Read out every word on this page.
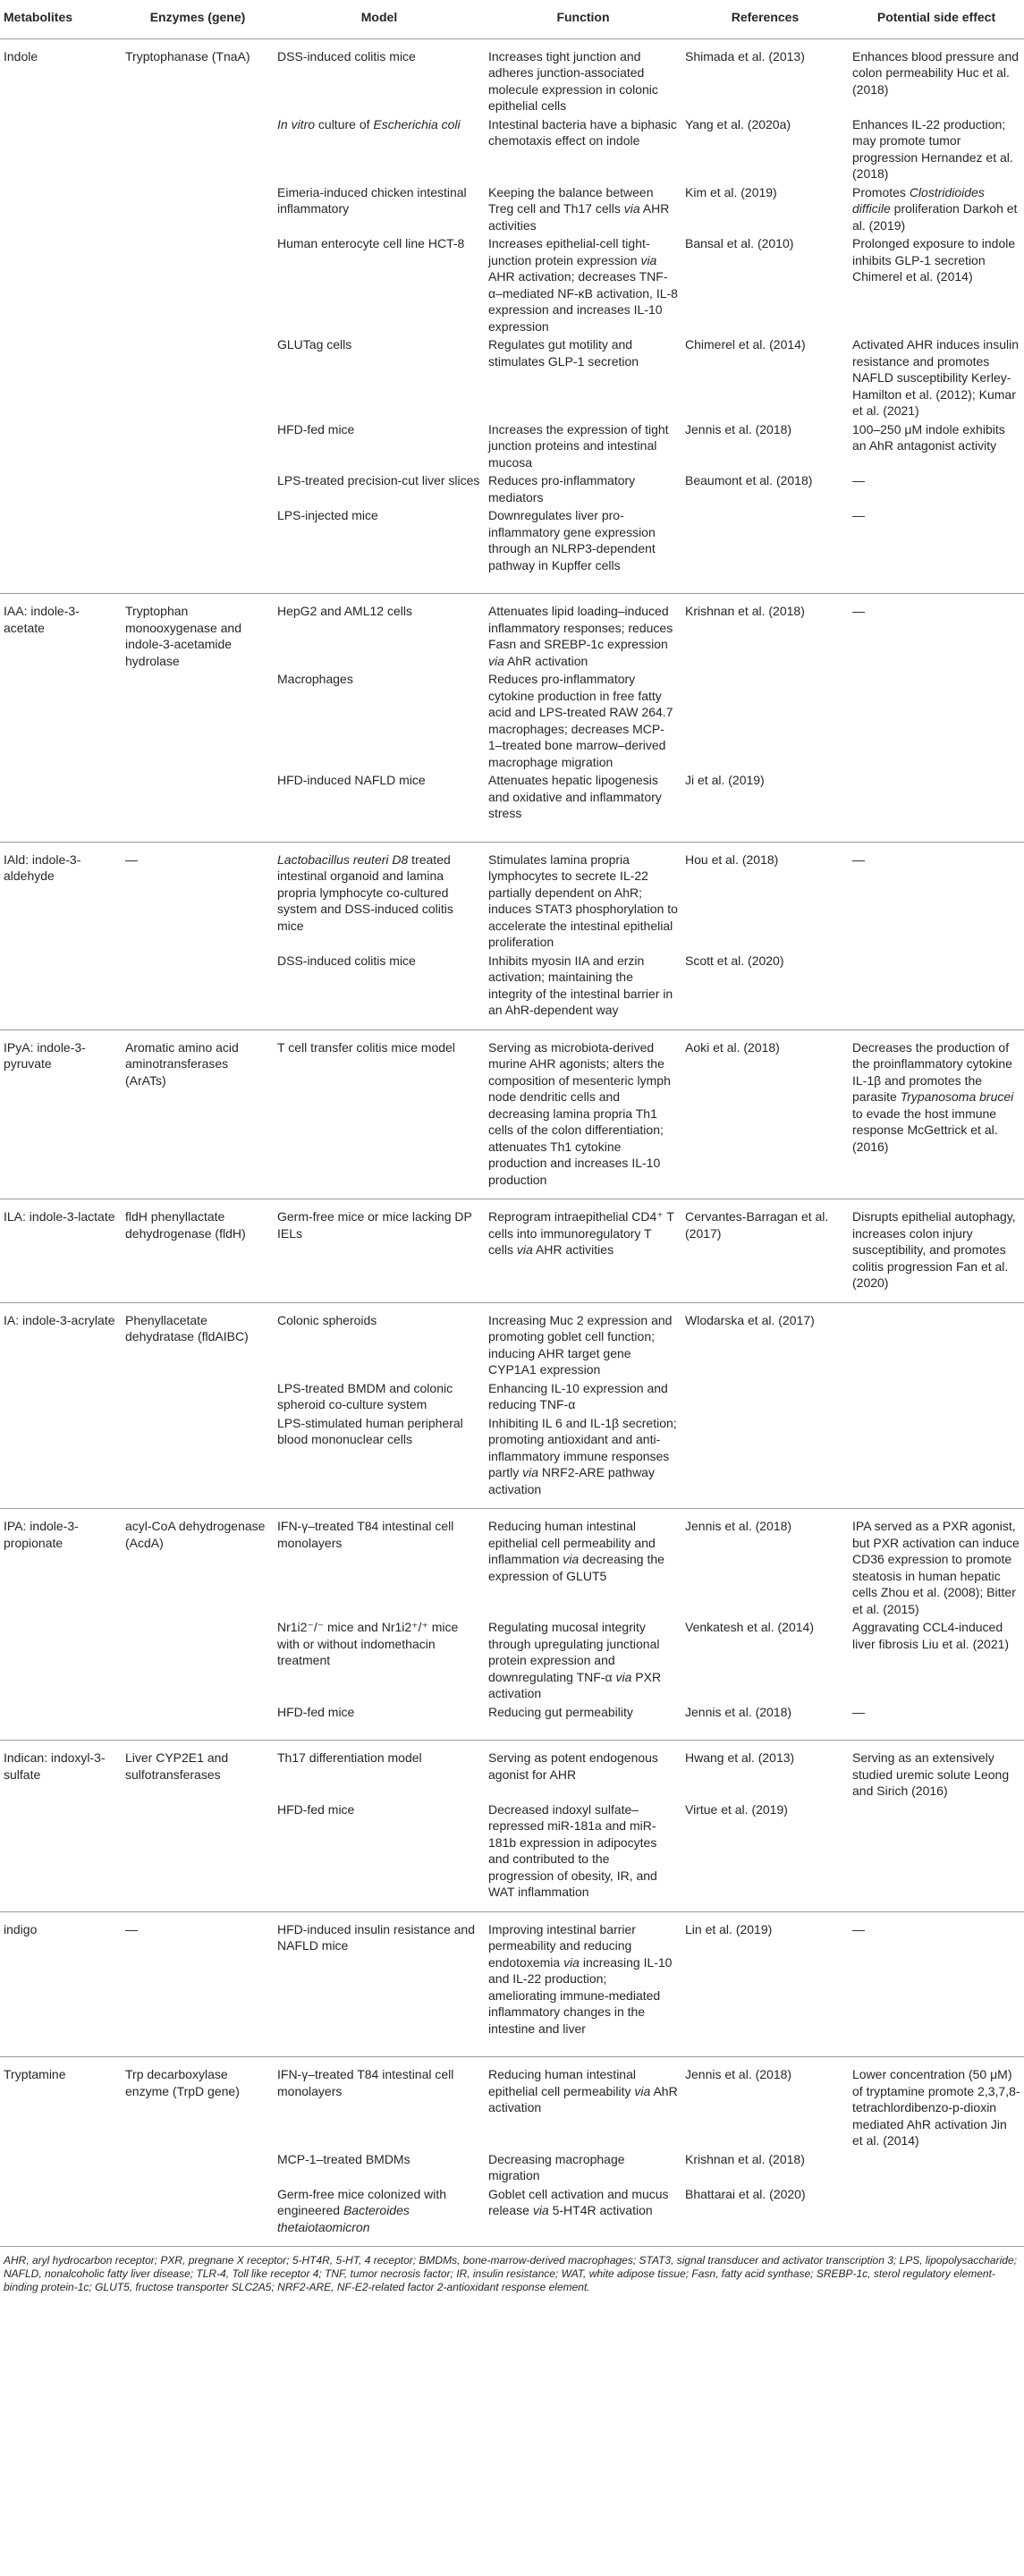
Metabolites	Enzymes (gene)	Model	Function	References	Potential side effect
Indole	Tryptophanase (TnaA)	DSS-induced colitis mice	Increases tight junction and adheres junction-associated molecule expression in colonic epithelial cells	Shimada et al. (2013)	Enhances blood pressure and colon permeability Huc et al. (2018)
		In vitro culture of Escherichia coli	Intestinal bacteria have a biphasic chemotaxis effect on indole	Yang et al. (2020a)	Enhances IL-22 production; may promote tumor progression Hernandez et al. (2018)
		Eimeria-induced chicken intestinal inflammatory	Keeping the balance between Treg cell and Th17 cells via AHR activities	Kim et al. (2019)	Promotes Clostridioides difficile proliferation Darkoh et al. (2019)
		Human enterocyte cell line HCT-8	Increases epithelial-cell tight-junction protein expression via AHR activation; decreases TNF-α–mediated NF-κB activation, IL-8 expression and increases IL-10 expression	Bansal et al. (2010)	Prolonged exposure to indole inhibits GLP-1 secretion Chimerel et al. (2014)
		GLUTag cells	Regulates gut motility and stimulates GLP-1 secretion	Chimerel et al. (2014)	Activated AHR induces insulin resistance and promotes NAFLD susceptibility Kerley-Hamilton et al. (2012); Kumar et al. (2021)
		HFD-fed mice	Increases the expression of tight junction proteins and intestinal mucosa	Jennis et al. (2018)	100–250 μM indole exhibits an AhR antagonist activity
		LPS-treated precision-cut liver slices	Reduces pro-inflammatory mediators	Beaumont et al. (2018)	—
		LPS-injected mice	Downregulates liver pro-inflammatory gene expression through an NLRP3-dependent pathway in Kupffer cells		—
IAA: indole-3-acetate	Tryptophan monooxygenase and indole-3-acetamide hydrolase	HepG2 and AML12 cells	Attenuates lipid loading–induced inflammatory responses; reduces Fasn and SREBP-1c expression via AhR activation	Krishnan et al. (2018)	—
		Macrophages	Reduces pro-inflammatory cytokine production in free fatty acid and LPS-treated RAW 264.7 macrophages; decreases MCP-1–treated bone marrow–derived macrophage migration		
		HFD-induced NAFLD mice	Attenuates hepatic lipogenesis and oxidative and inflammatory stress	Ji et al. (2019)	
IAld: indole-3-aldehyde	—	Lactobacillus reuteri D8 treated intestinal organoid and lamina propria lymphocyte co-cultured system and DSS-induced colitis mice	Stimulates lamina propria lymphocytes to secrete IL-22 partially dependent on AhR; induces STAT3 phosphorylation to accelerate the intestinal epithelial proliferation	Hou et al. (2018)	—
		DSS-induced colitis mice	Inhibits myosin IIA and erzin activation; maintaining the integrity of the intestinal barrier in an AhR-dependent way	Scott et al. (2020)	
IPyA: indole-3-pyruvate	Aromatic amino acid aminotransferases (ArATs)	T cell transfer colitis mice model	Serving as microbiota-derived murine AHR agonists; alters the composition of mesenteric lymph node dendritic cells and decreasing lamina propria Th1 cells of the colon differentiation; attenuates Th1 cytokine production and increases IL-10 production	Aoki et al. (2018)	Decreases the production of the proinflammatory cytokine IL-1β and promotes the parasite Trypanosoma brucei to evade the host immune response McGettrick et al. (2016)
ILA: indole-3-lactate	fldH phenyllactate dehydrogenase (fldH)	Germ-free mice or mice lacking DP IELs	Reprogram intraepithelial CD4⁺ T cells into immunoregulatory T cells via AHR activities	Cervantes-Barragan et al. (2017)	Disrupts epithelial autophagy, increases colon injury susceptibility, and promotes colitis progression Fan et al. (2020)
IA: indole-3-acrylate	Phenyllacetate dehydratase (fldAIBC)	Colonic spheroids	Increasing Muc 2 expression and promoting goblet cell function; inducing AHR target gene CYP1A1 expression	Wlodarska et al. (2017)	
		LPS-treated BMDM and colonic spheroid co-culture system	Enhancing IL-10 expression and reducing TNF-α		
		LPS-stimulated human peripheral blood mononuclear cells	Inhibiting IL 6 and IL-1β secretion; promoting antioxidant and anti-inflammatory immune responses partly via NRF2-ARE pathway activation		
IPA: indole-3-propionate	acyl-CoA dehydrogenase (AcdA)	IFN-γ–treated T84 intestinal cell monolayers	Reducing human intestinal epithelial cell permeability and inflammation via decreasing the expression of GLUT5	Jennis et al. (2018)	IPA served as a PXR agonist, but PXR activation can induce CD36 expression to promote steatosis in human hepatic cells Zhou et al. (2008); Bitter et al. (2015)
		Nr1i2⁻/⁻ mice and Nr1i2⁺/⁺ mice with or without indomethacin treatment	Regulating mucosal integrity through upregulating junctional protein expression and downregulating TNF-α via PXR activation	Venkatesh et al. (2014)	Aggravating CCL4-induced liver fibrosis Liu et al. (2021)
		HFD-fed mice	Reducing gut permeability	Jennis et al. (2018)	—
Indican: indoxyl-3-sulfate	Liver CYP2E1 and sulfotransferases	Th17 differentiation model	Serving as potent endogenous agonist for AHR	Hwang et al. (2013)	Serving as an extensively studied uremic solute Leong and Sirich (2016)
		HFD-fed mice	Decreased indoxyl sulfate–repressed miR-181a and miR-181b expression in adipocytes and contributed to the progression of obesity, IR, and WAT inflammation	Virtue et al. (2019)	
indigo	—	HFD-induced insulin resistance and NAFLD mice	Improving intestinal barrier permeability and reducing endotoxemia via increasing IL-10 and IL-22 production; ameliorating immune-mediated inflammatory changes in the intestine and liver	Lin et al. (2019)	—
Tryptamine	Trp decarboxylase enzyme (TrpD gene)	IFN-γ–treated T84 intestinal cell monolayers	Reducing human intestinal epithelial cell permeability via AhR activation	Jennis et al. (2018)	Lower concentration (50 μM) of tryptamine promote 2,3,7,8-tetrachlordibenzo-p-dioxin mediated AhR activation Jin et al. (2014)
		MCP-1–treated BMDMs	Decreasing macrophage migration	Krishnan et al. (2018)	
		Germ-free mice colonized with engineered Bacteroides thetaiotaomicron	Goblet cell activation and mucus release via 5-HT4R activation	Bhattarai et al. (2020)	
AHR, aryl hydrocarbon receptor; PXR, pregnane X receptor; 5-HT4R, 5-HT, 4 receptor; BMDMs, bone-marrow-derived macrophages; STAT3, signal transducer and activator transcription 3; LPS, lipopolysaccharide; NAFLD, nonalcoholic fatty liver disease; TLR-4, Toll like receptor 4; TNF, tumor necrosis factor; IR, insulin resistance; WAT, white adipose tissue; Fasn, fatty acid synthase; SREBP-1c, sterol regulatory element-binding protein-1c; GLUT5, fructose transporter SLC2A5; NRF2-ARE, NF-E2-related factor 2-antioxidant response element.
